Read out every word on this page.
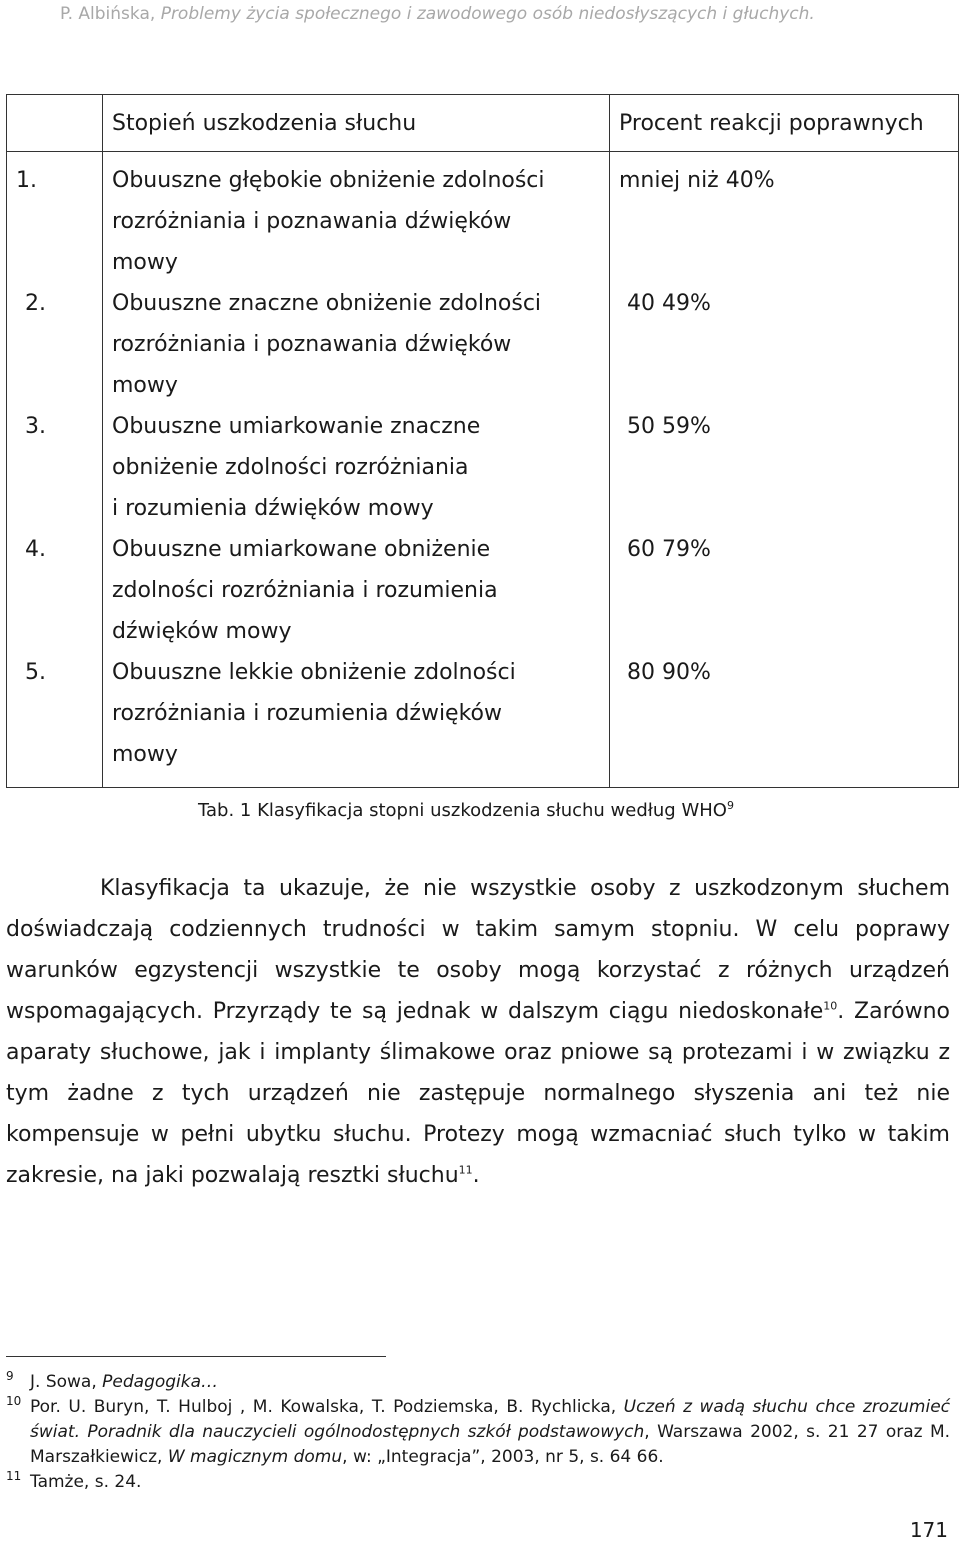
P. Albińska, Problemy życia społecznego i zawodowego osób niedosłyszących i głuchych.
	Stopień uszkodzenia słuchu	Procent reakcji poprawnych
1.	Obuuszne głębokie obniżenie zdolności
rozróżniania i poznawania dźwięków
mowy	mniej niż 40%
2.	Obuuszne znaczne obniżenie zdolności
rozróżniania i poznawania dźwięków
mowy	40 49%
3.	Obuuszne umiarkowanie znaczne
obniżenie zdolności rozróżniania
i rozumienia dźwięków mowy	50 59%
4.	Obuuszne umiarkowane obniżenie
zdolności rozróżniania i rozumienia
dźwięków mowy	60 79%
5.	Obuuszne lekkie obniżenie zdolności
rozróżniania i rozumienia dźwięków
mowy	80 90%
Tab. 1 Klasyfikacja stopni uszkodzenia słuchu według WHO$^9$

Klasyfikacja ta ukazuje, że nie wszystkie osoby z uszkodzonym słuchem doświadczają codziennych trudności w takim samym stopniu. W celu poprawy warunków egzystencji wszystkie te osoby mogą korzystać z różnych urządzeń wspomagających. Przyrządy te są jednak w dalszym ciągu niedoskonałe$^{10}$. Zarówno aparaty słuchowe, jak i implanty ślimakowe oraz pniowe są protezami i w związku z tym żadne z tych urządzeń nie zastępuje normalnego słyszenia ani też nie kompensuje w pełni ubytku słuchu. Protezy mogą wzmacniać słuch tylko w takim zakresie, na jaki pozwalają resztki słuchu$^{11}$.

9 J. Sowa, Pedagogika…
10 Por. U. Buryn, T. Hulboj , M. Kowalska, T. Podziemska, B. Rychlicka, Uczeń z wadą słuchu chce zrozumieć świat. Poradnik dla nauczycieli ogólnodostępnych szkół podstawowych, Warszawa 2002, s. 21 27 oraz M. Marszałkiewicz, W magicznym domu, w: „Integracja”, 2003, nr 5, s. 64 66.
11 Tamże, s. 24.
171
